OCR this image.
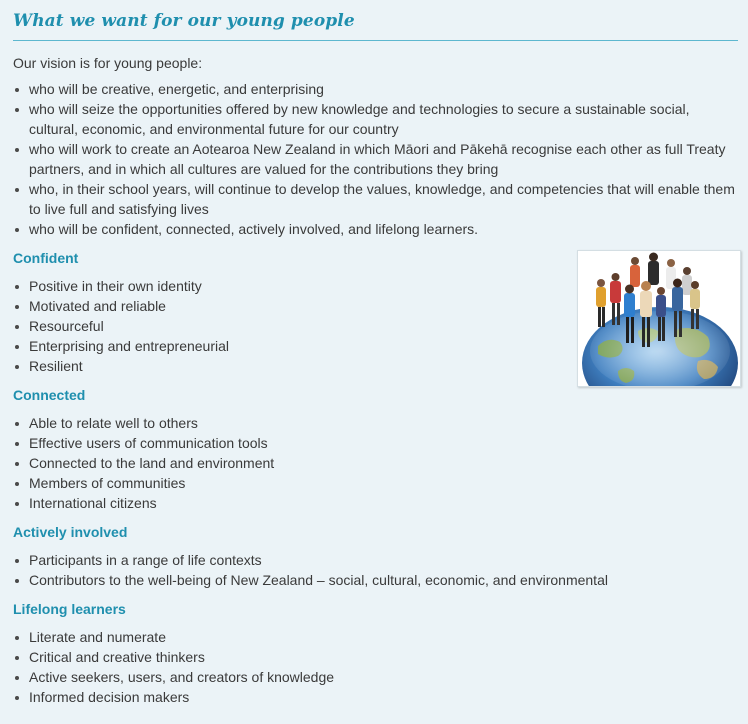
What we want for our young people

Our vision is for young people:

who will be creative, energetic, and enterprising
who will seize the opportunities offered by new knowledge and technologies to secure a sustainable social, cultural, economic, and environmental future for our country
who will work to create an Aotearoa New Zealand in which Māori and Pākehā recognise each other as full Treaty partners, and in which all cultures are valued for the contributions they bring
who, in their school years, will continue to develop the values, knowledge, and competencies that will enable them to live full and satisfying lives
who will be confident, connected, actively involved, and lifelong learners.
Confident
Positive in their own identity
Motivated and reliable
Resourceful
Enterprising and entrepreneurial
Resilient
Connected
Able to relate well to others
Effective users of communication tools
Connected to the land and environment
Members of communities
International citizens
Actively involved
Participants in a range of life contexts
Contributors to the well-being of New Zealand – social, cultural, economic, and environmental
Lifelong learners
Literate and numerate
Critical and creative thinkers
Active seekers, users, and creators of knowledge
Informed decision makers
